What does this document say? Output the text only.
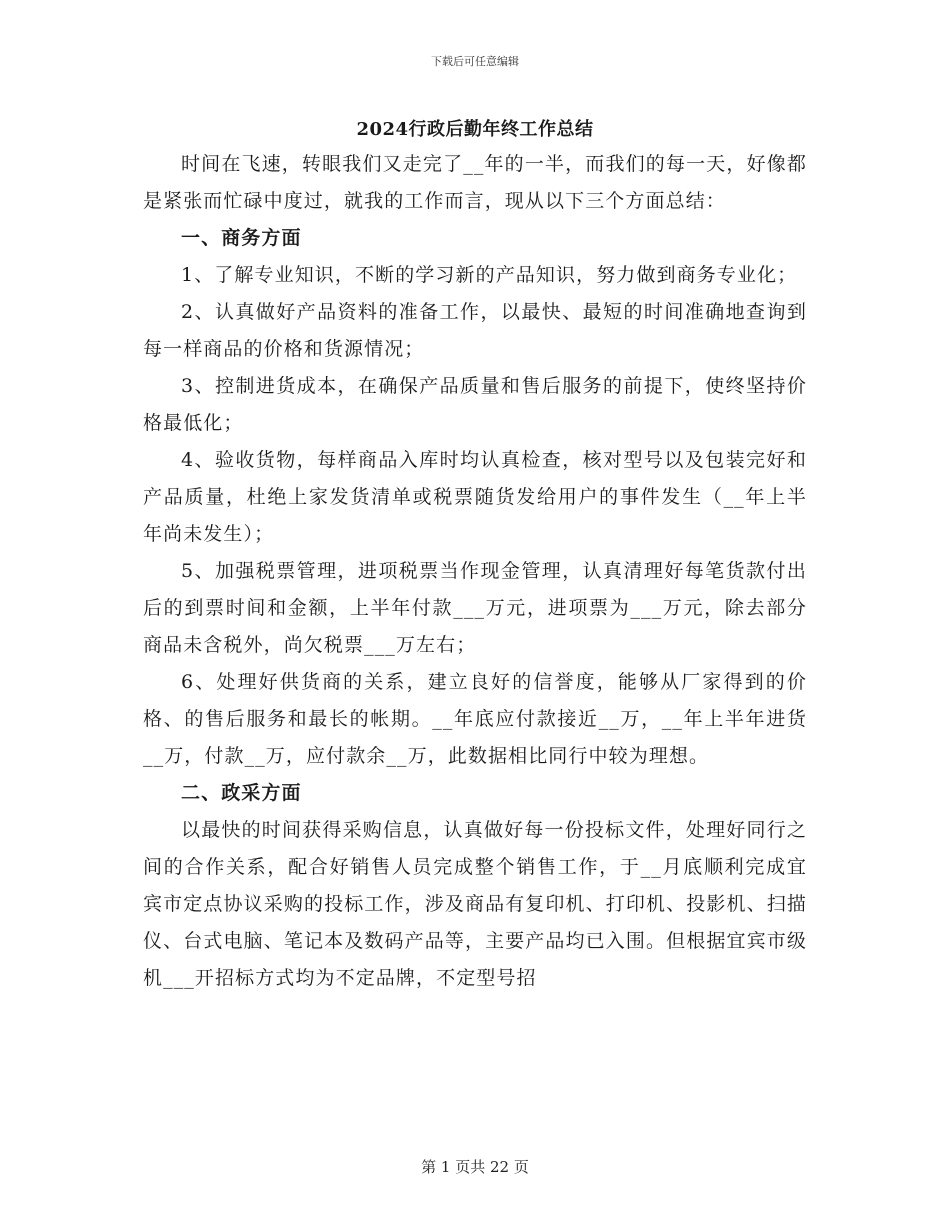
下载后可任意编辑
2024行政后勤年终工作总结

时间在飞速，转眼我们又走完了__年的一半，而我们的每一天，好像都是紧张而忙碌中度过，就我的工作而言，现从以下三个方面总结：

一、商务方面

1、了解专业知识，不断的学习新的产品知识，努力做到商务专业化；

2、认真做好产品资料的准备工作，以最快、最短的时间准确地查询到每一样商品的价格和货源情况；

3、控制进货成本，在确保产品质量和售后服务的前提下，使终坚持价格最低化；

4、验收货物，每样商品入库时均认真检查，核对型号以及包装完好和产品质量，杜绝上家发货清单或税票随货发给用户的事件发生（__年上半年尚未发生）；

5、加强税票管理，进项税票当作现金管理，认真清理好每笔货款付出后的到票时间和金额，上半年付款___万元，进项票为___万元，除去部分商品未含税外，尚欠税票___万左右；

6、处理好供货商的关系，建立良好的信誉度，能够从厂家得到的价格、的售后服务和最长的帐期。__年底应付款接近__万，__年上半年进货__万，付款__万，应付款余__万，此数据相比同行中较为理想。

二、政采方面

以最快的时间获得采购信息，认真做好每一份投标文件，处理好同行之间的合作关系，配合好销售人员完成整个销售工作，于__月底顺利完成宜宾市定点协议采购的投标工作，涉及商品有复印机、打印机、投影机、扫描仪、台式电脑、笔记本及数码产品等，主要产品均已入围。但根据宜宾市级机___开招标方式均为不定品牌，不定型号招

第 1 页共 22 页
